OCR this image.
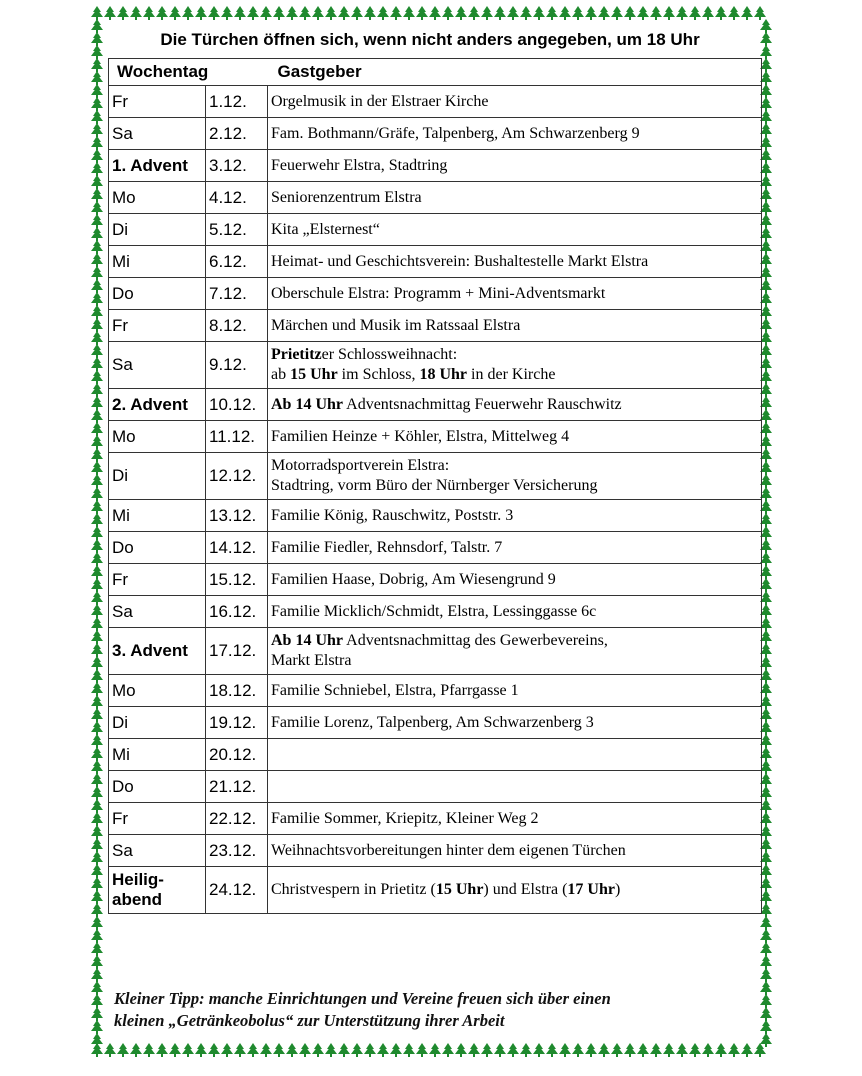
Die Türchen öffnen sich, wenn nicht anders angegeben, um 18 Uhr
Wochentag		Gastgeber
Fr	1.12.	Orgelmusik in der Elstraer Kirche

Sa	2.12.	Fam. Bothmann/Gräfe, Talpenberg, Am Schwarzenberg 9

1. Advent	3.12.	Feuerwehr Elstra, Stadtring

Mo	4.12.	Seniorenzentrum Elstra

Di	5.12.	Kita „Elsternest“

Mi	6.12.	Heimat- und Geschichtsverein: Bushaltestelle Markt Elstra

Do	7.12.	Oberschule Elstra: Programm + Mini-Adventsmarkt

Fr	8.12.	Märchen und Musik im Ratssaal Elstra

Sa	9.12.	Prietitzer Schlossweihnacht:
ab 15 Uhr im Schloss, 18 Uhr in der Kirche

2. Advent	10.12.	Ab 14 Uhr Adventsnachmittag Feuerwehr Rauschwitz

Mo	11.12.	Familien Heinze + Köhler, Elstra, Mittelweg 4

Di	12.12.	Motorradsportverein Elstra:
Stadtring, vorm Büro der Nürnberger Versicherung

Mi	13.12.	Familie König, Rauschwitz, Poststr. 3

Do	14.12.	Familie Fiedler, Rehnsdorf, Talstr. 7

Fr	15.12.	Familien Haase, Dobrig, Am Wiesengrund 9

Sa	16.12.	Familie Micklich/Schmidt, Elstra, Lessinggasse 6c

3. Advent	17.12.	Ab 14 Uhr Adventsnachmittag des Gewerbevereins,
Markt Elstra

Mo	18.12.	Familie Schniebel, Elstra, Pfarrgasse 1

Di	19.12.	Familie Lorenz, Talpenberg, Am Schwarzenberg 3

Mi	20.12.	
Do	21.12.	
Fr	22.12.	Familie Sommer, Kriepitz, Kleiner Weg 2

Sa	23.12.	Weihnachtsvorbereitungen hinter dem eigenen Türchen

Heilig-
abend	24.12.	Christvespern in Prietitz (15 Uhr) und Elstra (17 Uhr)
Kleiner Tipp: manche Einrichtungen und Vereine freuen sich über einen
kleinen „Getränkeobolus“ zur Unterstützung ihrer Arbeit
